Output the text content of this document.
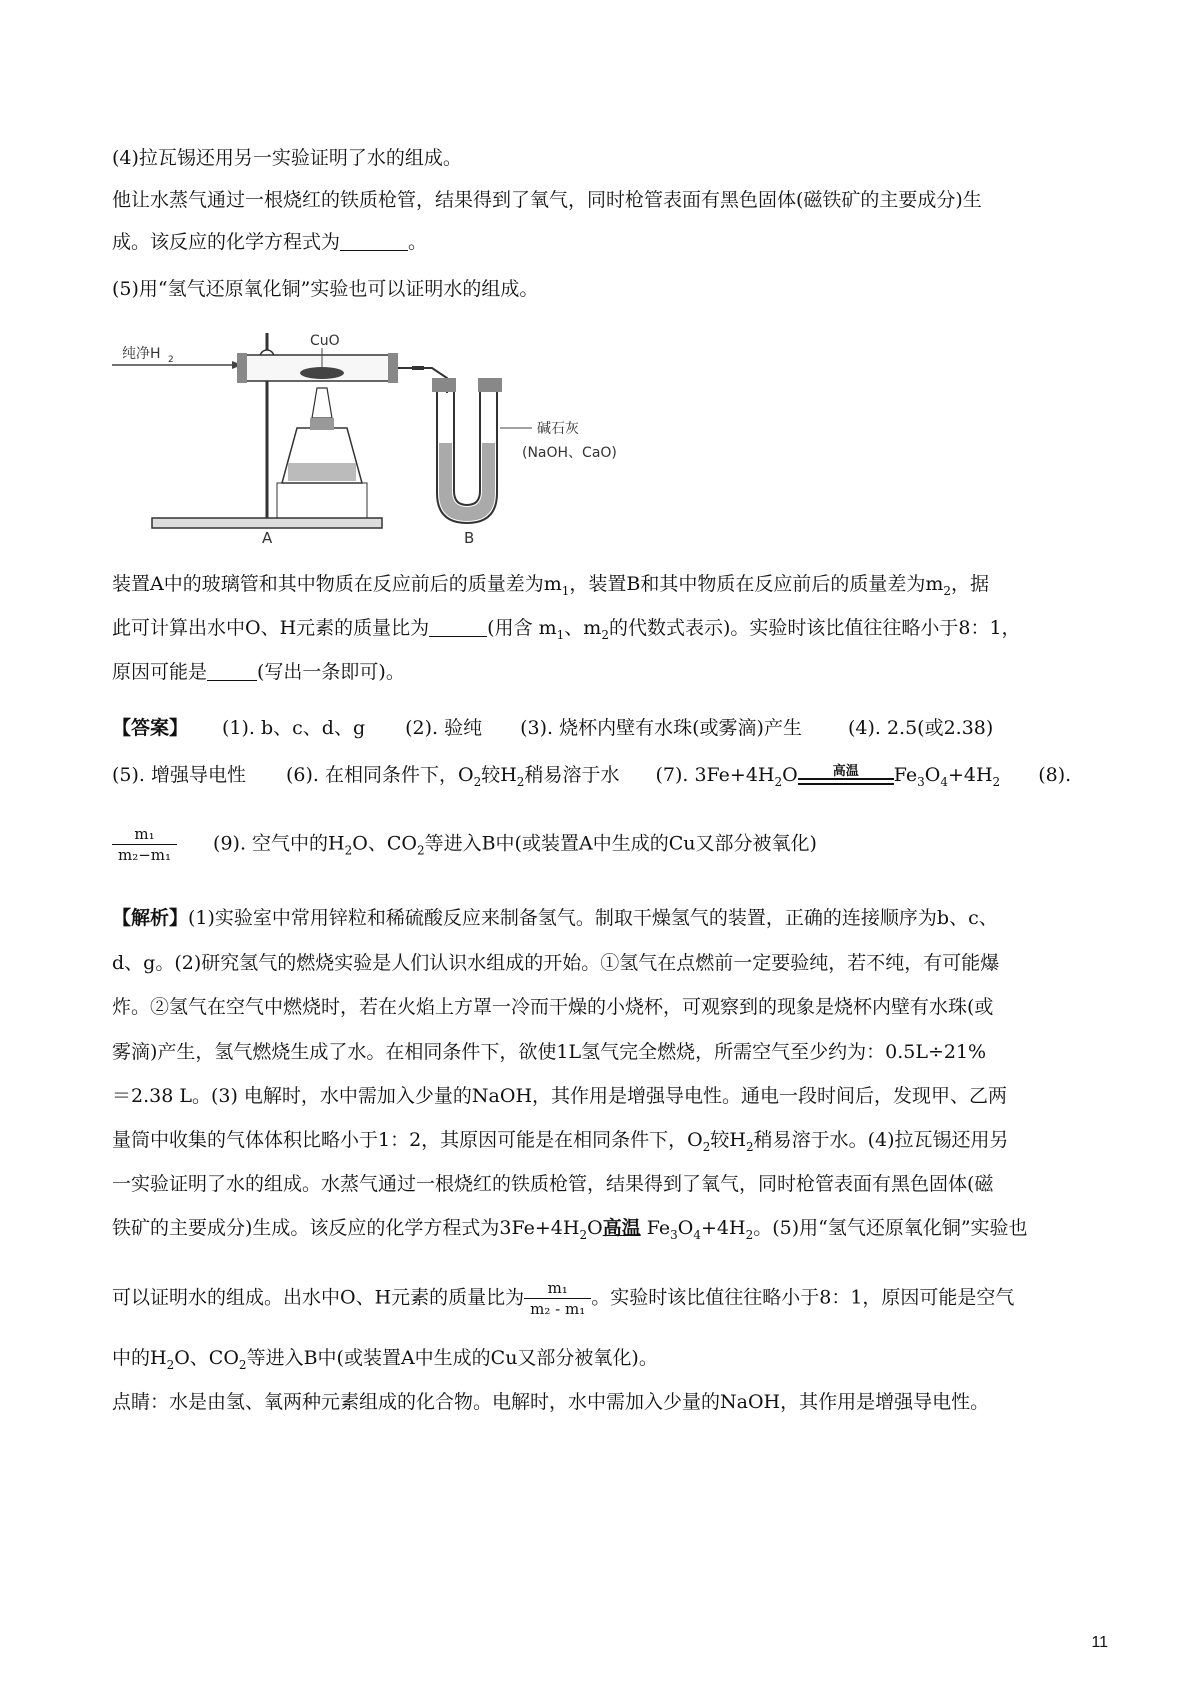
(4)拉瓦锡还用另一实验证明了水的组成。
他让水蒸气通过一根烧红的铁质枪管，结果得到了氧气，同时枪管表面有黑色固体(磁铁矿的主要成分)生
成。该反应的化学方程式为	。
(5)用“氢气还原氧化铜”实验也可以证明水的组成。
纯净H 2
CuO
碱石灰
(NaOH、CaO)
A	B
装置A中的玻璃管和其中物质在反应前后的质量差为$m_1$，装置B和其中物质在反应前后的质量差为$m_2$，据
此可计算出水中O、H元素的质量比为	(用含 $m_1$、$m_2$的代数式表示)。实验时该比值往往略小于8：1，
原因可能是	(写出一条即可)。
【答案】 (1). b、c、d、g (2). 验纯 (3). 烧杯内壁有水珠(或雾滴)产生 (4). 2.5(或2.38)
(5). 增强导电性 (6). 在相同条件下，$O_2$较$H_2$稍易溶于水 (7). $3Fe+4H_2O$	高温	$Fe_3O_4+4H_2$ (8).
$\frac{\text{m₁}}{\text{m₂−m₁}} (9)$. 空气中的$H_2O$、$CO_2$等进入B中(或装置A中生成的Cu又部分被氧化)
【解析】(1)实验室中常用锌粒和稀硫酸反应来制备氢气。制取干燥氢气的装置，正确的连接顺序为b、c、
d、g。(2)研究氢气的燃烧实验是人们认识水组成的开始。①氢气在点燃前一定要验纯，若不纯，有可能爆
炸。②氢气在空气中燃烧时，若在火焰上方罩一冷而干燥的小烧杯，可观察到的现象是烧杯内壁有水珠(或
雾滴)产生，氢气燃烧生成了水。在相同条件下，欲使1L氢气完全燃烧，所需空气至少约为：0.5L÷21%
＝2.38 L。(3) 电解时，水中需加入少量的NaOH，其作用是增强导电性。通电一段时间后，发现甲、乙两
量筒中收集的气体体积比略小于1：2，其原因可能是在相同条件下，$O_2$较$H_2$稍易溶于水。(4)拉瓦锡还用另
一实验证明了水的组成。水蒸气通过一根烧红的铁质枪管，结果得到了氧气，同时枪管表面有黑色固体(磁
铁矿的主要成分)生成。该反应的化学方程式为$3Fe+4H_2O$高温 $Fe_3O_4+4H_2$。(5)用“氢气还原氧化铜”实验也
可以证明水的组成。出水中O、H元素的质量比为 $\frac{\text{m₁}}{\text{m₂ - m₁}}$ 。实验时该比值往往略小于8：1，原因可能是空气
中的$H_2O$、$CO_2$等进入B中(或装置A中生成的Cu又部分被氧化)。
点睛：水是由氢、氧两种元素组成的化合物。电解时，水中需加入少量的NaOH，其作用是增强导电性。
11
